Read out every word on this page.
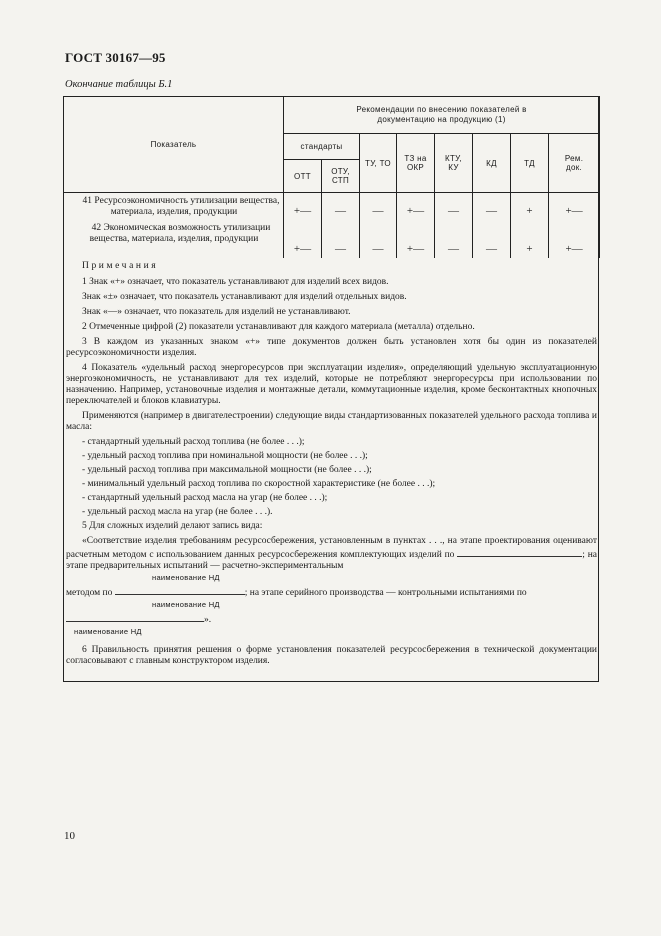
ГОСТ 30167—95
Окончание таблицы Б.1
Показатель	Рекомендации по внесению показателей в документацию на продукцию (1)							
	стандарты		ТУ, ТО	ТЗ на ОКР	КТУ, КУ	КД	ТД	Рем. док.
	ОТТ	ОТУ, СТП						
41 Ресурсоэкономичность утилизации вещества, материала, изделия, продукции	+—	—	—	+—	—	—	+	+—
42 Экономическая возможность утилизации вещества, материала, изделия, продукции	+—	—	—	+—	—	—	+	+—

Примечания

1 Знак «+» означает, что показатель устанавливают для изделий всех видов.

Знак «±» означает, что показатель устанавливают для изделий отдельных видов.

Знак «—» означает, что показатель для изделий не устанавливают.

2 Отмеченные цифрой (2) показатели устанавливают для каждого материала (металла) отдельно.

3 В каждом из указанных знаком «+» типе документов должен быть установлен хотя бы один из показателей ресурсоэкономичности изделия.

4 Показатель «удельный расход энергоресурсов при эксплуатации изделия», определяющий удельную эксплуатационную энергоэкономичность, не устанавливают для тех изделий, которые не потребляют энергоресурсы при использовании по назначению. Например, установочные изделия и монтажные детали, коммутационные изделия, кроме бесконтактных кнопочных переключателей и блоков клавиатуры.

Применяются (например в двигателестроении) следующие виды стандартизованных показателей удельного расхода топлива и масла:

- стандартный удельный расход топлива (не более . . .);

- удельный расход топлива при номинальной мощности (не более . . .);

- удельный расход топлива при максимальной мощности (не более . . .);

- минимальный удельный расход топлива по скоростной характеристике (не более . . .);

- стандартный удельный расход масла на угар (не более . . .);

- удельный расход масла на угар (не более . . .).

5 Для сложных изделий делают запись вида:

«Соответствие изделия требованиям ресурсосбережения, установленным в пунктах . . ., на этапе проектирования оценивают расчетным методом с использованием данных ресурсосбережения комплектующих изделий по	; на этапе предварительных испытаний — расчетно-экспериментальным

наименование НД

методом по	; на этапе серийного производства — контрольными испытаниями по

наименование НД

».

наименование НД

6 Правильность принятия решения о форме установления показателей ресурсосбережения в технической документации согласовывают с главным конструктором изделия.

10
